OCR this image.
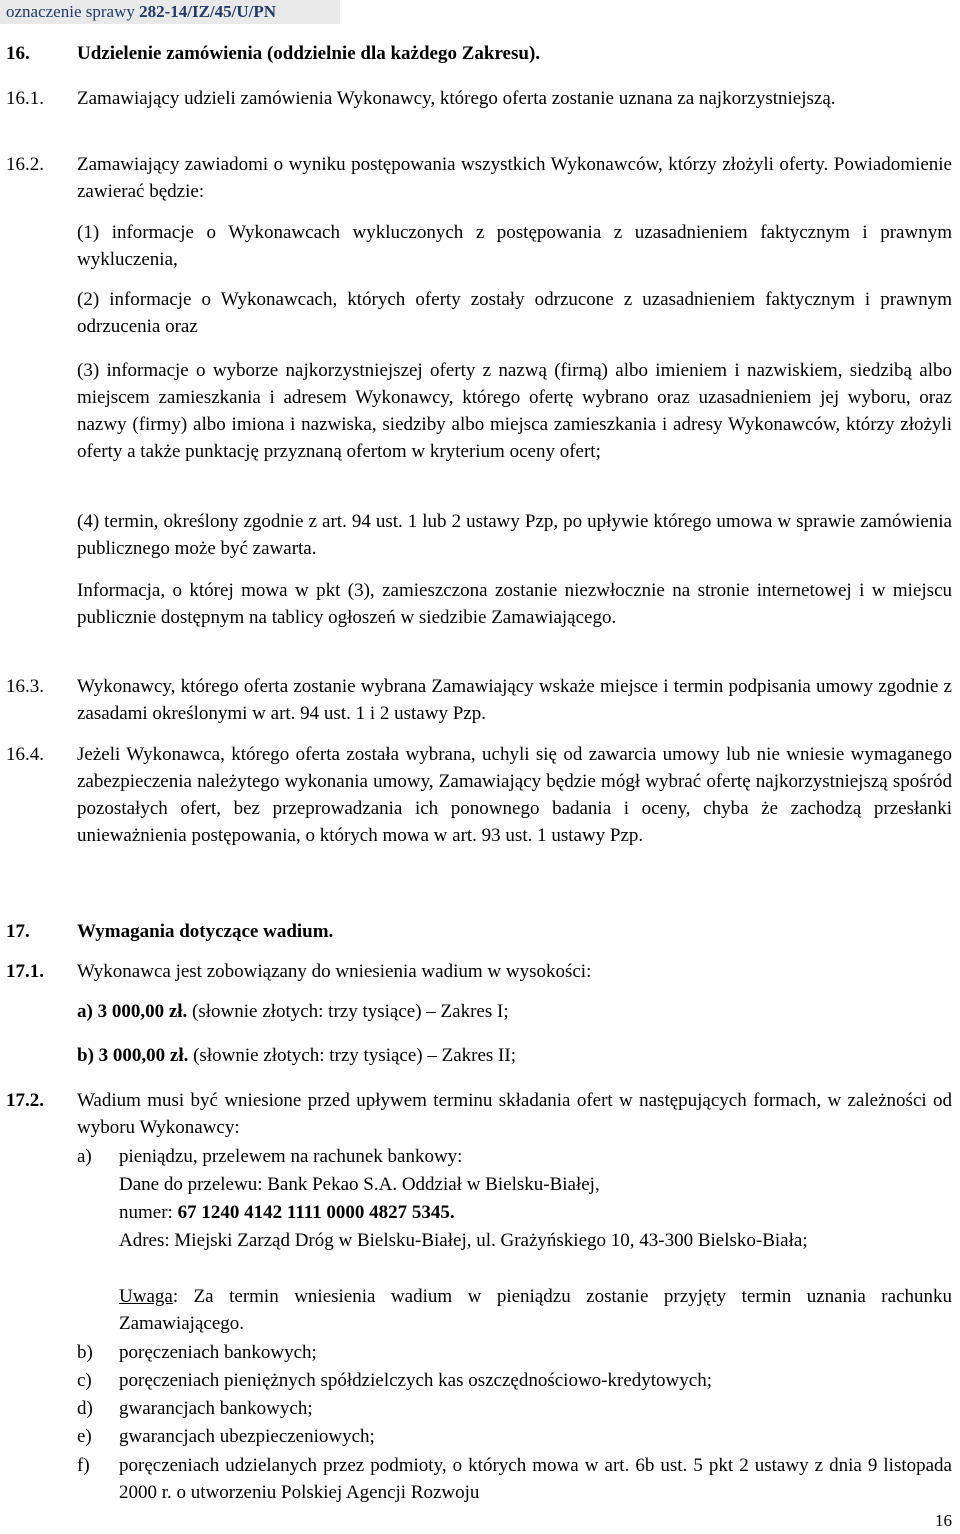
oznaczenie sprawy 282-14/IZ/45/U/PN
16. Udzielenie zamówienia (oddzielnie dla każdego Zakresu).
16.1. Zamawiający udzieli zamówienia Wykonawcy, którego oferta zostanie uznana za najkorzystniejszą.
16.2. Zamawiający zawiadomi o wyniku postępowania wszystkich Wykonawców, którzy złożyli oferty. Powiadomienie zawierać będzie:
(1) informacje o Wykonawcach wykluczonych z postępowania z uzasadnieniem faktycznym i prawnym wykluczenia,
(2) informacje o Wykonawcach, których oferty zostały odrzucone z uzasadnieniem faktycznym i prawnym odrzucenia oraz
(3) informacje o wyborze najkorzystniejszej oferty z nazwą (firmą) albo imieniem i nazwiskiem, siedzibą albo miejscem zamieszkania i adresem Wykonawcy, którego ofertę wybrano oraz uzasadnieniem jej wyboru, oraz nazwy (firmy) albo imiona i nazwiska, siedziby albo miejsca zamieszkania i adresy Wykonawców, którzy złożyli oferty a także punktację przyznaną ofertom w kryterium oceny ofert;
(4) termin, określony zgodnie z art. 94 ust. 1 lub 2 ustawy Pzp, po upływie którego umowa w sprawie zamówienia publicznego może być zawarta.
Informacja, o której mowa w pkt (3), zamieszczona zostanie niezwłocznie na stronie internetowej i w miejscu publicznie dostępnym na tablicy ogłoszeń w siedzibie Zamawiającego.
16.3. Wykonawcy, którego oferta zostanie wybrana Zamawiający wskaże miejsce i termin podpisania umowy zgodnie z zasadami określonymi w art. 94 ust. 1 i 2 ustawy Pzp.
16.4. Jeżeli Wykonawca, którego oferta została wybrana, uchyli się od zawarcia umowy lub nie wniesie wymaganego zabezpieczenia należytego wykonania umowy, Zamawiający będzie mógł wybrać ofertę najkorzystniejszą spośród pozostałych ofert, bez przeprowadzania ich ponownego badania i oceny, chyba że zachodzą przesłanki unieważnienia postępowania, o których mowa w art. 93 ust. 1 ustawy Pzp.
17. Wymagania dotyczące wadium.
17.1. Wykonawca jest zobowiązany do wniesienia wadium w wysokości:
a) 3 000,00 zł. (słownie złotych: trzy tysiące) – Zakres I;
b) 3 000,00 zł. (słownie złotych: trzy tysiące) – Zakres II;
17.2. Wadium musi być wniesione przed upływem terminu składania ofert w następujących formach, w zależności od wyboru Wykonawcy:
a) pieniądzu, przelewem na rachunek bankowy:
Dane do przelewu: Bank Pekao S.A. Oddział w Bielsku-Białej,
numer: 67 1240 4142 1111 0000 4827 5345.
Adres: Miejski Zarząd Dróg w Bielsku-Białej, ul. Grażyńskiego 10, 43-300 Bielsko-Biała;
Uwaga: Za termin wniesienia wadium w pieniądzu zostanie przyjęty termin uznania rachunku Zamawiającego.
b) poręczeniach bankowych;
c) poręczeniach pieniężnych spółdzielczych kas oszczędnościowo-kredytowych;
d) gwarancjach bankowych;
e) gwarancjach ubezpieczeniowych;
f) poręczeniach udzielanych przez podmioty, o których mowa w art. 6b ust. 5 pkt 2 ustawy z dnia 9 listopada 2000 r. o utworzeniu Polskiej Agencji Rozwoju
16
